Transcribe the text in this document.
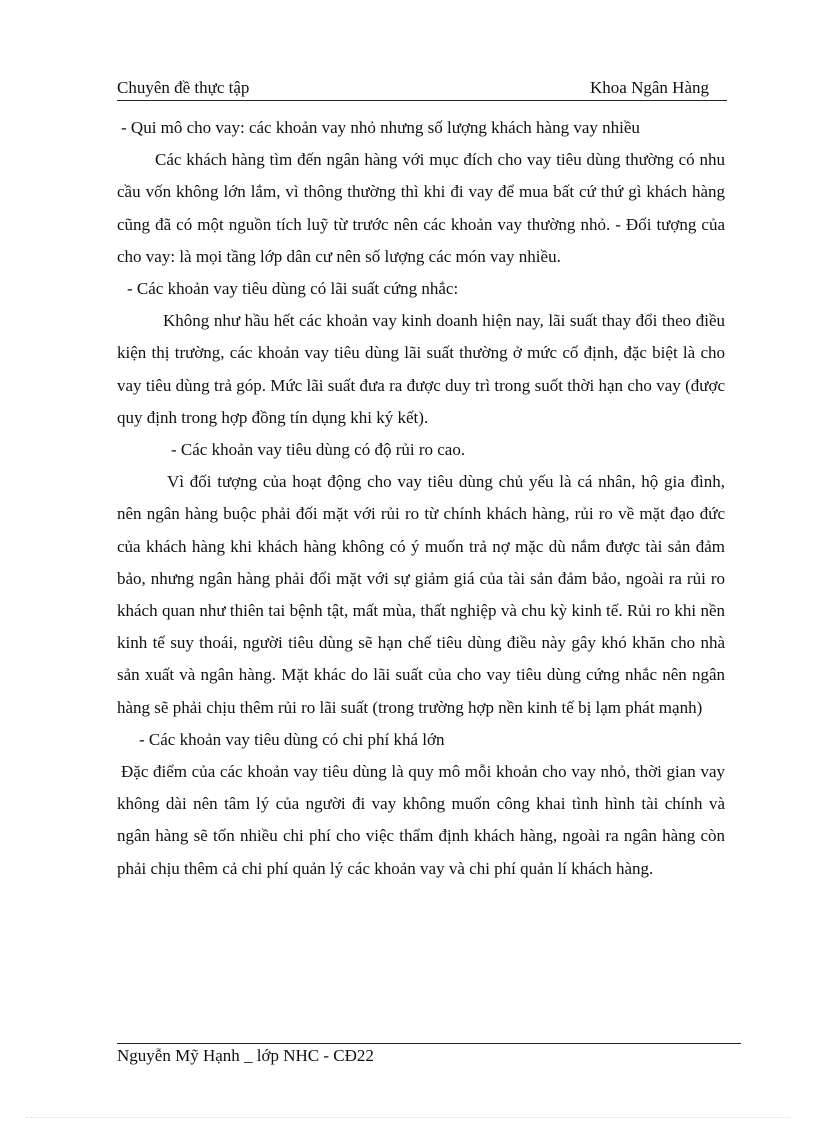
Chuyên đề thực tập	Khoa Ngân Hàng

- Qui mô cho vay: các khoản vay nhỏ nhưng số lượng khách hàng vay nhiều

Các khách hàng tìm đến ngân hàng với mục đích cho vay tiêu dùng thường có nhu cầu vốn không lớn lắm, vì thông thường thì khi đi vay để mua bất cứ thứ gì khách hàng cũng đã có một nguồn tích luỹ từ trước nên các khoản vay thường nhỏ. - Đối tượng của cho vay: là mọi tầng lớp dân cư nên số lượng các món vay nhiều.

- Các khoản vay tiêu dùng có lãi suất cứng nhắc:

Không như hầu hết các khoản vay kinh doanh hiện nay, lãi suất thay đổi theo điều kiện thị trường, các khoản vay tiêu dùng lãi suất thường ở mức cố định, đặc biệt là cho vay tiêu dùng trả góp. Mức lãi suất đưa ra được duy trì trong suốt thời hạn cho vay (được quy định trong hợp đồng tín dụng khi ký kết).

- Các khoản vay tiêu dùng có độ rủi ro cao.

Vì đối tượng của hoạt động cho vay tiêu dùng chủ yếu là cá nhân, hộ gia đình, nên ngân hàng buộc phải đối mặt với rủi ro từ chính khách hàng, rủi ro về mặt đạo đức của khách hàng khi khách hàng không có ý muốn trả nợ mặc dù nắm được tài sản đảm bảo, nhưng ngân hàng phải đối mặt với sự giảm giá của tài sản đảm bảo, ngoài ra rủi ro khách quan như thiên tai bệnh tật, mất mùa, thất nghiệp và chu kỳ kinh tế. Rủi ro khi nền kinh tế suy thoái, người tiêu dùng sẽ hạn chế tiêu dùng điều này gây khó khăn cho nhà sản xuất và ngân hàng. Mặt khác do lãi suất của cho vay tiêu dùng cứng nhắc nên ngân hàng sẽ phải chịu thêm rủi ro lãi suất (trong trường hợp nền kinh tế bị lạm phát mạnh)

- Các khoản vay tiêu dùng có chi phí khá lớn

Đặc điểm của các khoản vay tiêu dùng là quy mô mỗi khoản cho vay nhỏ, thời gian vay không dài nên tâm lý của người đi vay không muốn công khai tình hình tài chính và ngân hàng sẽ tốn nhiều chi phí cho việc thẩm định khách hàng, ngoài ra ngân hàng còn phải chịu thêm cả chi phí quản lý các khoản vay và chi phí quản lí khách hàng.

Nguyễn Mỹ Hạnh _ lớp NHC - CĐ22
